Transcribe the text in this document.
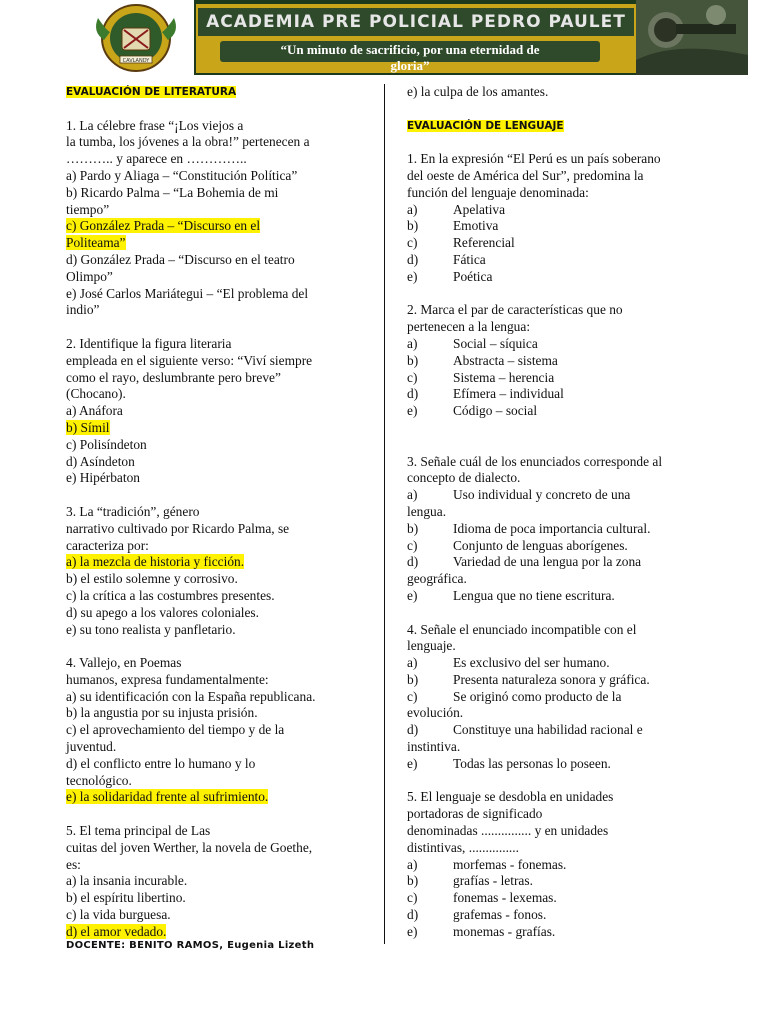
CAVLANDY
ACADEMIA PRE POLICIAL PEDRO PAULET
“Un minuto de sacrificio, por una eternidad de
gloria”
EVALUACIÓN DE LITERATURA
1. La célebre frase “¡Los viejos a
la tumba, los jóvenes a la obra!” pertenecen a
……….. y aparece en …………..
a) Pardo y Aliaga – “Constitución Política”
b) Ricardo Palma – “La Bohemia de mi
tiempo”
c) González Prada – “Discurso en el
Politeama”
d) González Prada – “Discurso en el teatro
Olimpo”
e) José Carlos Mariátegui – “El problema del
indio”
2. Identifique la figura literaria
empleada en el siguiente verso: “Viví siempre
como el rayo, deslumbrante pero breve”
(Chocano).
a) Anáfora
b) Símil
c) Polisíndeton
d) Asíndeton
e) Hipérbaton
3. La “tradición”, género
narrativo cultivado por Ricardo Palma, se
caracteriza por:
a) la mezcla de historia y ficción.
b) el estilo solemne y corrosivo.
c) la crítica a las costumbres presentes.
d) su apego a los valores coloniales.
e) su tono realista y panfletario.
4. Vallejo, en Poemas
humanos, expresa fundamentalmente:
a) su identificación con la España republicana.
b) la angustia por su injusta prisión.
c) el aprovechamiento del tiempo y de la
juventud.
d) el conflicto entre lo humano y lo
tecnológico.
e) la solidaridad frente al sufrimiento.
5. El tema principal de Las
cuitas del joven Werther, la novela de Goethe,
es:
a) la insania incurable.
b) el espíritu libertino.
c) la vida burguesa.
d) el amor vedado.
DOCENTE: BENITO RAMOS, Eugenia Lizeth
e) la culpa de los amantes.
EVALUACIÓN DE LENGUAJE
1. En la expresión “El Perú es un país soberano
del oeste de América del Sur”, predomina la
función del lenguaje denominada:
a)	Apelativa
b)	Emotiva
c)	Referencial
d)	Fática
e)	Poética
2. Marca el par de características que no
pertenecen a la lengua:
a)	Social – síquica
b)	Abstracta – sistema
c)	Sistema – herencia
d)	Efímera – individual
e)	Código – social
3. Señale cuál de los enunciados corresponde al
concepto de dialecto.
a)	Uso individual y concreto de una
lengua.
b)	Idioma de poca importancia cultural.
c)	Conjunto de lenguas aborígenes.
d)	Variedad de una lengua por la zona
geográfica.
e)	Lengua que no tiene escritura.
4. Señale el enunciado incompatible con el
lenguaje.
a)	Es exclusivo del ser humano.
b)	Presenta naturaleza sonora y gráfica.
c)	Se originó como producto de la
evolución.
d)	Constituye una habilidad racional e
instintiva.
e)	Todas las personas lo poseen.
5. El lenguaje se desdobla en unidades
portadoras de significado
denominadas ............... y en unidades
distintivas, ...............
a)	morfemas - fonemas.
b)	grafías - letras.
c)	fonemas - lexemas.
d)	grafemas - fonos.
e)	monemas - grafías.
